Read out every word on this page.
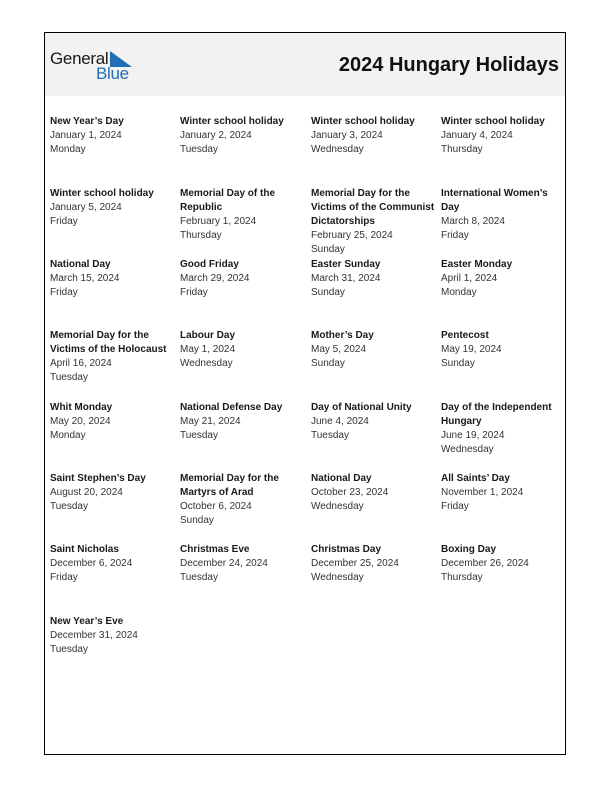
General
Blue	2024 Hungary Holidays
New Year’s Day
January 1, 2024
Monday
Winter school holiday
January 2, 2024
Tuesday
Winter school holiday
January 3, 2024
Wednesday
Winter school holiday
January 4, 2024
Thursday
Winter school holiday
January 5, 2024
Friday
Memorial Day of the Republic
February 1, 2024
Thursday
Memorial Day for the Victims of the Communist Dictatorships
February 25, 2024
Sunday
International Women’s Day
March 8, 2024
Friday
National Day
March 15, 2024
Friday
Good Friday
March 29, 2024
Friday
Easter Sunday
March 31, 2024
Sunday
Easter Monday
April 1, 2024
Monday
Memorial Day for the Victims of the Holocaust
April 16, 2024
Tuesday
Labour Day
May 1, 2024
Wednesday
Mother’s Day
May 5, 2024
Sunday
Pentecost
May 19, 2024
Sunday
Whit Monday
May 20, 2024
Monday
National Defense Day
May 21, 2024
Tuesday
Day of National Unity
June 4, 2024
Tuesday
Day of the Independent Hungary
June 19, 2024
Wednesday
Saint Stephen’s Day
August 20, 2024
Tuesday
Memorial Day for the Martyrs of Arad
October 6, 2024
Sunday
National Day
October 23, 2024
Wednesday
All Saints’ Day
November 1, 2024
Friday
Saint Nicholas
December 6, 2024
Friday
Christmas Eve
December 24, 2024
Tuesday
Christmas Day
December 25, 2024
Wednesday
Boxing Day
December 26, 2024
Thursday
New Year’s Eve
December 31, 2024
Tuesday
